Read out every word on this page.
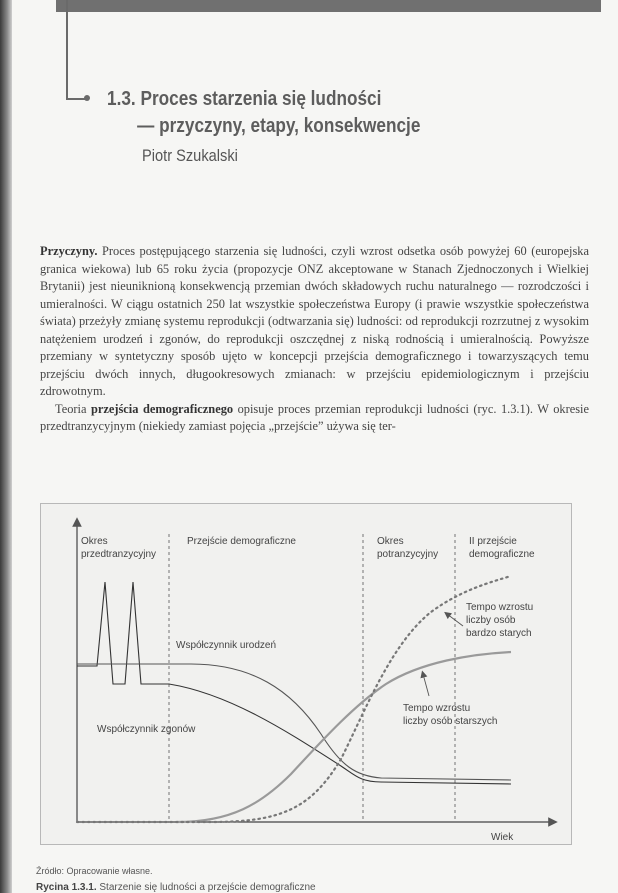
1.3. Proces starzenia się ludności
— przyczyny, etapy, konsekwencje
Piotr Szukalski

Przyczyny. Proces postępującego starzenia się ludności, czyli wzrost odsetka osób powyżej 60 (europejska granica wiekowa) lub 65 roku życia (propozycje ONZ akceptowane w Stanach Zjednoczonych i Wielkiej Brytanii) jest nieuniknioną konsekwencją przemian dwóch składowych ruchu naturalnego — rozrodczości i umieralności. W ciągu ostatnich 250 lat wszystkie społeczeństwa Europy (i prawie wszystkie społeczeństwa świata) przeżyły zmianę systemu reprodukcji (odtwarzania się) ludności: od reprodukcji rozrzutnej z wysokim natężeniem urodzeń i zgonów, do reprodukcji oszczędnej z niską rodnością i umieralnością. Powyższe przemiany w syntetyczny sposób ujęto w koncepcji przejścia demograficznego i towarzyszących temu przejściu dwóch innych, długookresowych zmianach: w przejściu epidemiologicznym i przejściu zdrowotnym.

Teoria przejścia demograficznego opisuje proces przemian reprodukcji ludności (ryc. 1.3.1). W okresie przedtranzycyjnym (niekiedy zamiast pojęcia „przejście” używa się ter-

Okres przedtranzycyjny
Przejście demograficzne	Okres potranzycyjny
II przejście demograficzne
Współczynnik urodzeń
Współczynnik zgonów
Tempo wzrostu liczby osób bardzo starych
Tempo wzrostu liczby osób starszych
Wiek
Źródło: Opracowanie własne.
Rycina 1.3.1. Starzenie się ludności a przejście demograficzne
